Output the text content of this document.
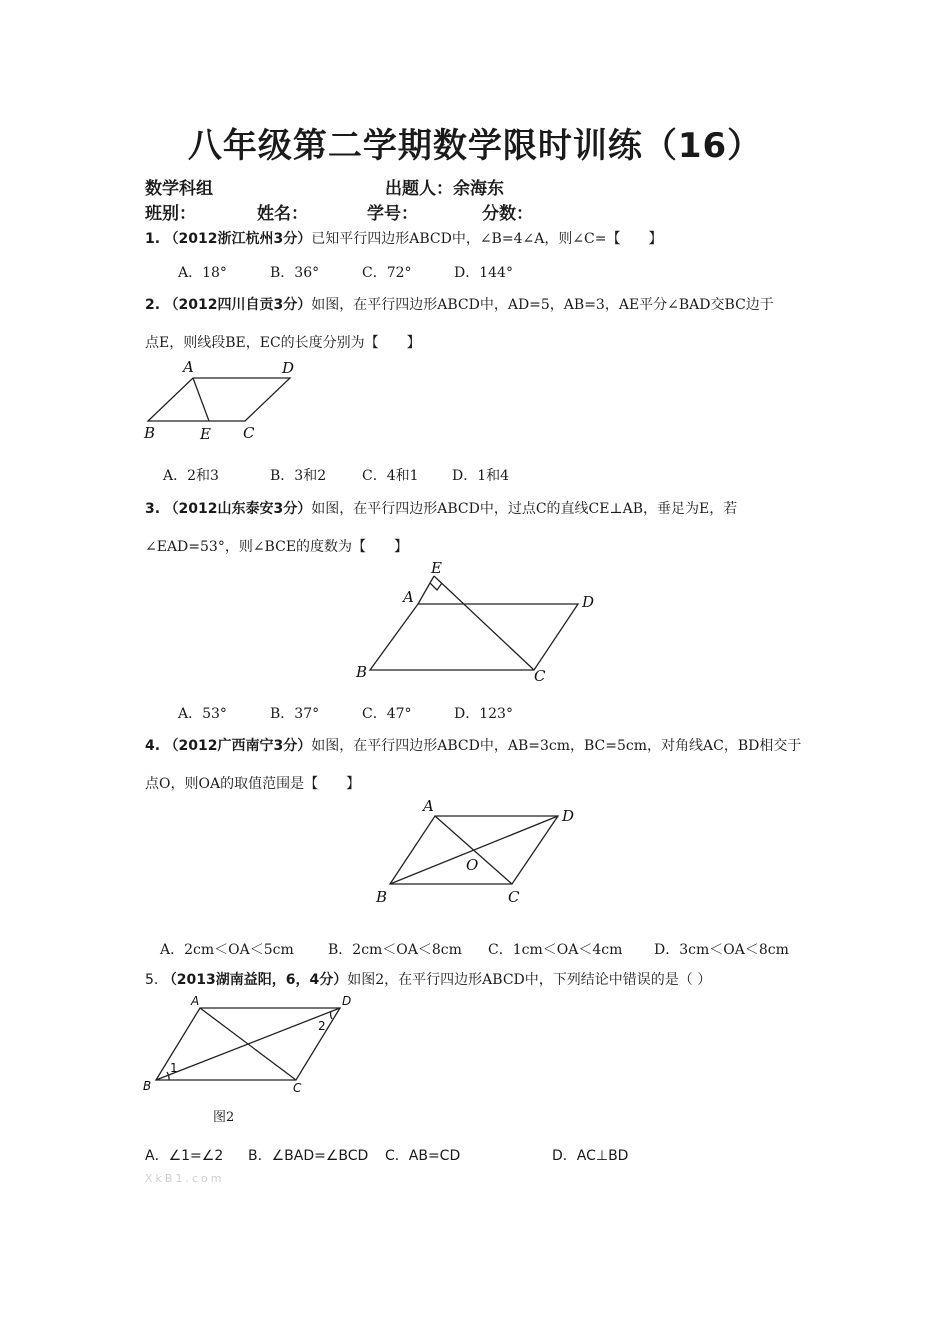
八年级第二学期数学限时训练（16）
数学科组	出题人：余海东
班别：	姓名：	学号：	分数：
1. （2012浙江杭州3分）已知平行四边形ABCD中，∠B=4∠A，则∠C=【　　】
A．18°	B．36°	C．72°	D．144°
2. （2012四川自贡3分）如图，在平行四边形ABCD中，AD=5，AB=3，AE平分∠BAD交BC边于
点E，则线段BE，EC的长度分别为【　　】
A	D
B	E C
A．2和3	B．3和2	C．4和1 D．1和4
3. （2012山东泰安3分）如图，在平行四边形ABCD中，过点C的直线CE⊥AB，垂足为E，若
∠EAD=53°，则∠BCE的度数为【　　】
E
A	D
B	C
A．53°	B．37°	C．47°	D．123°
4. （2012广西南宁3分）如图，在平行四边形ABCD中，AB=3cm，BC=5cm，对角线AC，BD相交于
点O，则OA的取值范围是【　　】
A
D
O
B	C
A．2cm＜OA＜5cm B．2cm＜OA＜8cm C．1cm＜OA＜4cm D．3cm＜OA＜8cm
5. （2013湖南益阳，6，4分）如图2，在平行四边形ABCD中，下列结论中错误的是（ ）
A	D
1
2
B	C
图2
A．∠1=∠2 B．∠BAD=∠BCD C．AB=CD	D．AC⊥BD
XkB1.com
